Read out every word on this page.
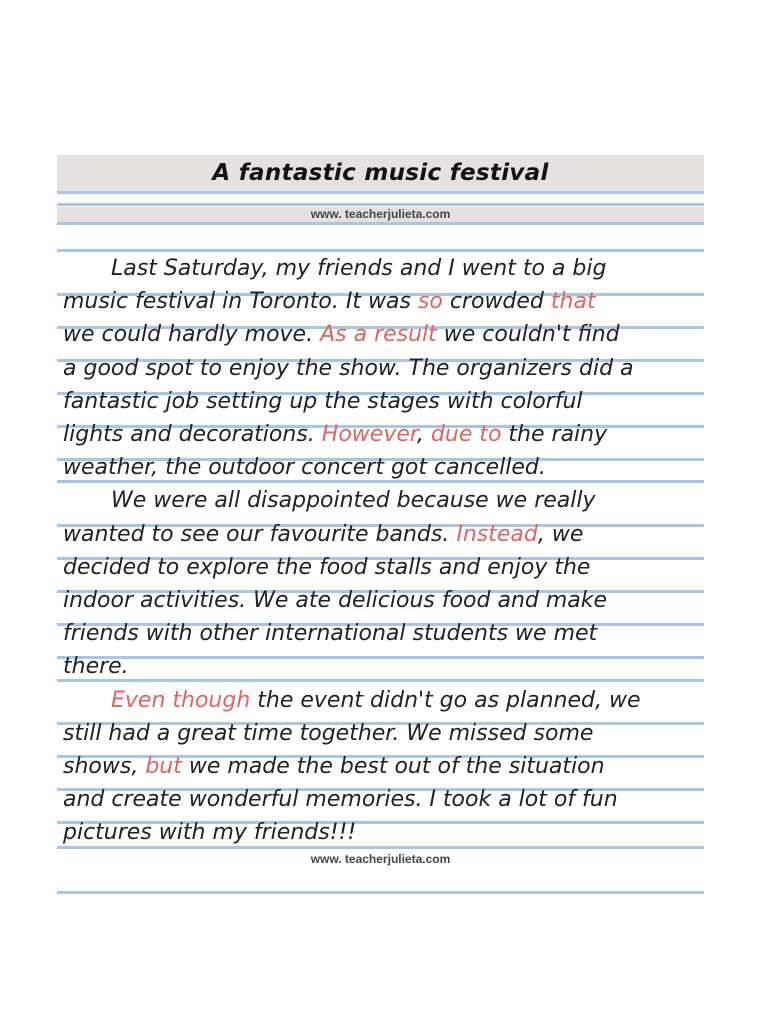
A fantastic music festival
www. teacherjulieta.com
Last Saturday, my friends and I went to a big
music festival in Toronto. It was so crowded that
we could hardly move. As a result we couldn't find
a good spot to enjoy the show. The organizers did a
fantastic job setting up the stages with colorful
lights and decorations. However, due to the rainy
weather, the outdoor concert got cancelled.
We were all disappointed because we really
wanted to see our favourite bands. Instead, we
decided to explore the food stalls and enjoy the
indoor activities. We ate delicious food and make
friends with other international students we met
there.
Even though the event didn't go as planned, we
still had a great time together. We missed some
shows, but we made the best out of the situation
and create wonderful memories. I took a lot of fun
pictures with my friends!!!
www. teacherjulieta.com
